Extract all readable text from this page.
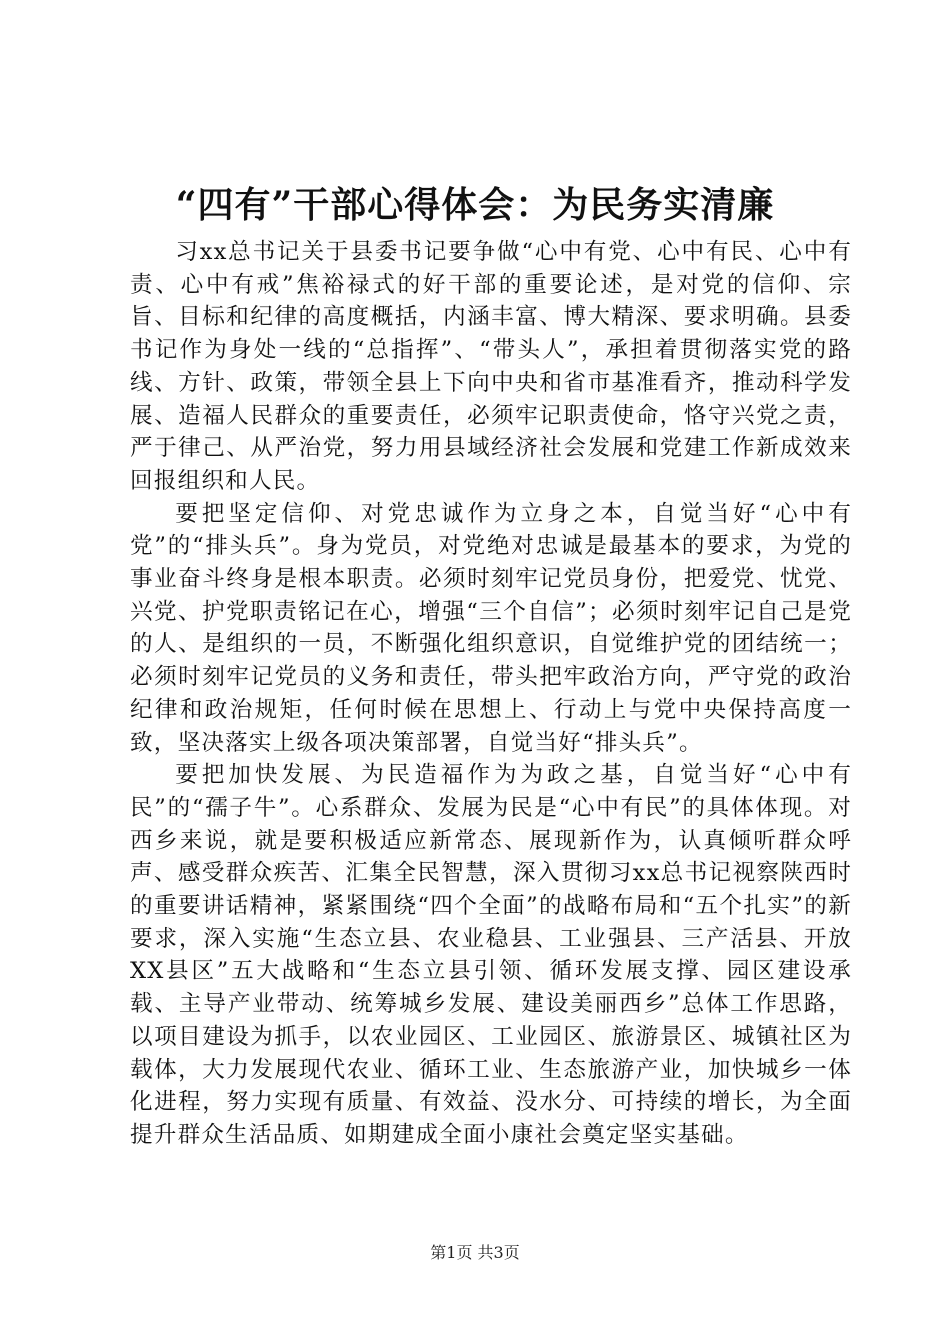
“四有”干部心得体会：为民务实清廉

习xx总书记关于县委书记要争做“心中有党、心中有民、心中有责、心中有戒”焦裕禄式的好干部的重要论述，是对党的信仰、宗旨、目标和纪律的高度概括，内涵丰富、博大精深、要求明确。县委书记作为身处一线的“总指挥”、“带头人”，承担着贯彻落实党的路线、方针、政策，带领全县上下向中央和省市基准看齐，推动科学发展、造福人民群众的重要责任，必须牢记职责使命，恪守兴党之责，严于律己、从严治党，努力用县域经济社会发展和党建工作新成效来回报组织和人民。

要把坚定信仰、对党忠诚作为立身之本，自觉当好“心中有党”的“排头兵”。身为党员，对党绝对忠诚是最基本的要求，为党的事业奋斗终身是根本职责。必须时刻牢记党员身份，把爱党、忧党、兴党、护党职责铭记在心，增强“三个自信”；必须时刻牢记自己是党的人、是组织的一员，不断强化组织意识，自觉维护党的团结统一；必须时刻牢记党员的义务和责任，带头把牢政治方向，严守党的政治纪律和政治规矩，任何时候在思想上、行动上与党中央保持高度一致，坚决落实上级各项决策部署，自觉当好“排头兵”。

要把加快发展、为民造福作为为政之基，自觉当好“心中有民”的“孺子牛”。心系群众、发展为民是“心中有民”的具体体现。对西乡来说，就是要积极适应新常态、展现新作为，认真倾听群众呼声、感受群众疾苦、汇集全民智慧，深入贯彻习xx总书记视察陕西时的重要讲话精神，紧紧围绕“四个全面”的战略布局和“五个扎实”的新要求，深入实施“生态立县、农业稳县、工业强县、三产活县、开放XX县区”五大战略和“生态立县引领、循环发展支撑、园区建设承载、主导产业带动、统筹城乡发展、建设美丽西乡”总体工作思路，以项目建设为抓手，以农业园区、工业园区、旅游景区、城镇社区为载体，大力发展现代农业、循环工业、生态旅游产业，加快城乡一体化进程，努力实现有质量、有效益、没水分、可持续的增长，为全面提升群众生活品质、如期建成全面小康社会奠定坚实基础。

第1页 共3页
